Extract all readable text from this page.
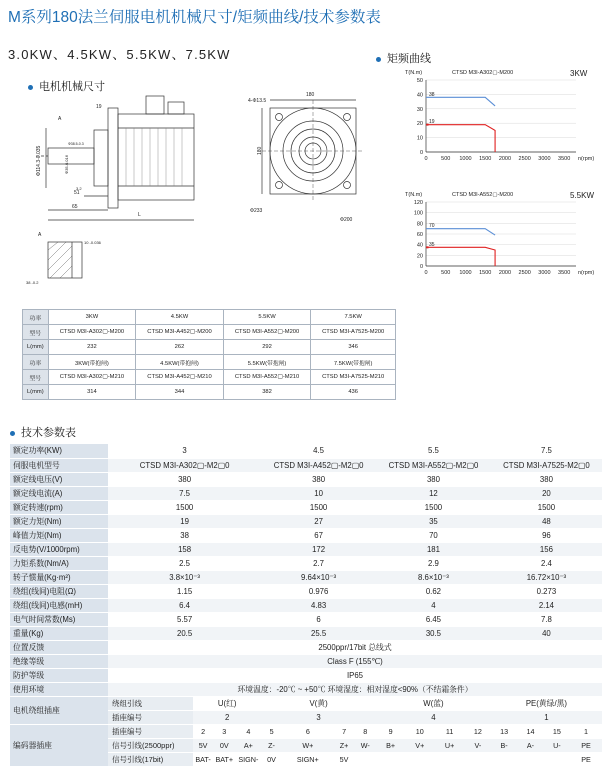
M系列180法兰伺服电机机械尺寸/矩频曲线/技术参数表
3.0KW、4.5KW、5.5KW、7.5KW
电机机械尺寸
矩频曲线
技术参数表
19
A
Φ114.3-0.035	Φ35-0.016
Φ38.5-0.3
51
3.2
65
L
4-Φ13.5
180
180
Φ233
Φ200
A
10 -0.036
38 -0.2
T(N.m)	CTSD M3I-A302▢-M200	3KW
0
10
20
30
40
50
0 500 1000 1500 2000 2500 3000 3500 n(rpm)
38
19
T(N.m)	CTSD M3I-A552▢-M200	5.5KW
0
20
40
60
80
100
120
0 500 1000 1500 2000 2500 3000 3500 n(rpm)
70
35
功率	3KW	4.5KW	5.5KW	7.5KW
型号	CTSD M3I-A302▢-M200	CTSD M3I-A452▢-M200	CTSD M3I-A552▢-M200	CTSD M3I-A7525-M200
L(mm)	232	262	292	346
功率	3KW(带抱闸)	4.5KW(带抱闸)	5.5KW(带抱闸)	7.5KW(带抱闸)
型号	CTSD M3I-A302▢-M210	CTSD M3I-A452▢-M210	CTSD M3I-A552▢-M210	CTSD M3I-A7525-M210
L(mm)	314	344	382	436
额定功率(KW)	3				4.5				5.5				7.5			
伺服电机型号	CTSD M3I-A302▢-M2▢0				CTSD M3I-A452▢-M2▢0				CTSD M3I-A552▢-M2▢0				CTSD M3I-A7525-M2▢0			
额定线电压(V)	380				380				380				380			
额定线电流(A)	7.5				10				12				20			
额定转速(rpm)	1500				1500				1500				1500			
额定力矩(Nm)	19				27				35				48			
峰值力矩(Nm)	38				67				70				96			
反电势(V/1000rpm)	158				172				181				156			
力矩系数(Nm/A)	2.5				2.7				2.9				2.4			
转子惯量(Kg·m²)	3.8×10⁻³				9.64×10⁻³				8.6×10⁻³				16.72×10⁻³			
绕组(线间)电阻(Ω)	1.15				0.976				0.62				0.273			
绕组(线间)电感(mH)	6.4				4.83				4				2.14			
电气时间常数(Ms)	5.57				6				6.45				7.8			
重量(Kg)	20.5				25.5				30.5				40			
位置反馈	2500ppr/17bit 总线式															
绝缘等级	Class F (155℃)															
防护等级	IP65															
使用环境	环境温度：-20℃ ~ +50℃ 环境湿度：相对湿度<90%（不结霜条件）															
电机绕组插座	绕组引线	U(红)			V(黄)				W(蓝)				PE(黄绿/黑)			
	插座编号	2			3				4				1			
编码器插座	插座编号	2	3	4	5	6	7	8	9	10	11	12	13	14	15	1
	信号引线(2500ppr)	5V	0V	A+	Z-	W+	Z+	W-	B+	V+	U+	V-	B-	A-	U-	PE
	信号引线(17bit)	BAT-	BAT+	SIGN-	0V	SIGN+	5V									PE
